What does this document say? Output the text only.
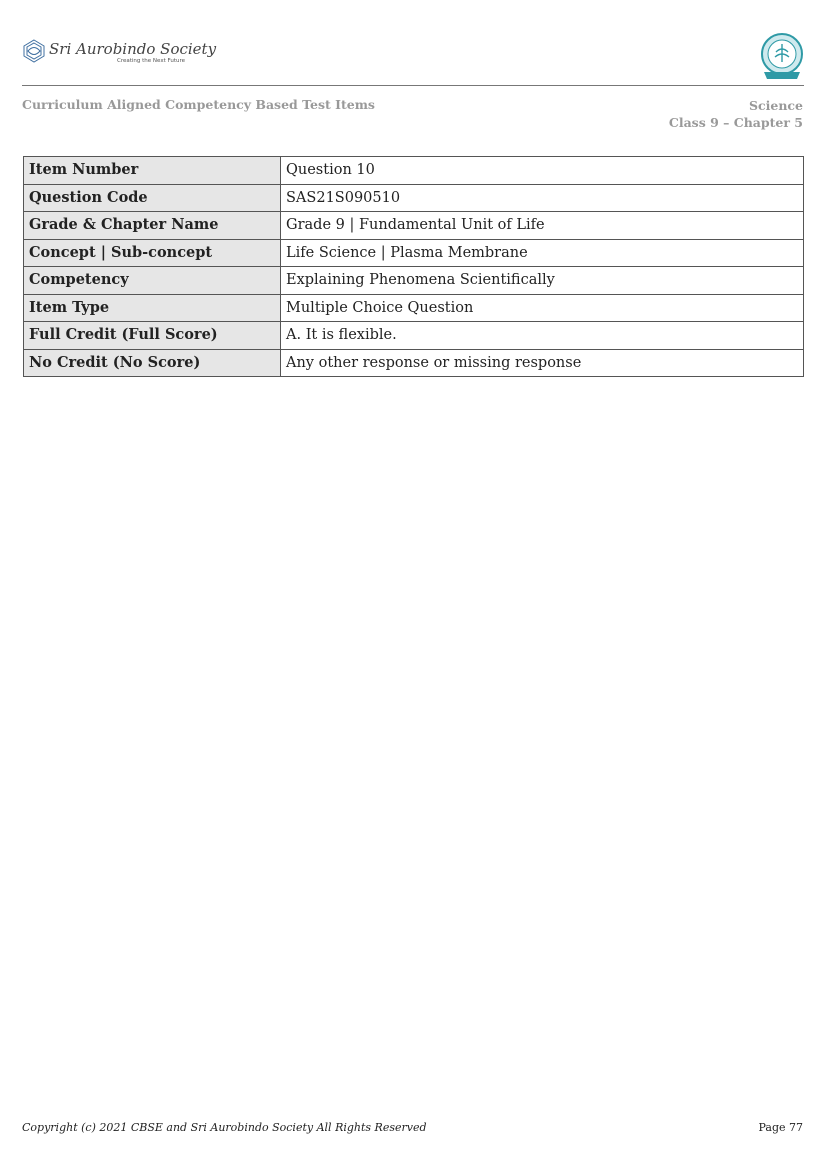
Sri Aurobindo Society
Creating the Next Future
Curriculum Aligned Competency Based Test Items	Science
Class 9 – Chapter 5
Item Number	Question 10
Question Code	SAS21S090510
Grade & Chapter Name	Grade 9 | Fundamental Unit of Life
Concept | Sub-concept	Life Science | Plasma Membrane
Competency	Explaining Phenomena Scientifically
Item Type	Multiple Choice Question
Full Credit (Full Score)	A. It is flexible.
No Credit (No Score)	Any other response or missing response
Copyright (c) 2021 CBSE and Sri Aurobindo Society All Rights Reserved	Page 77
